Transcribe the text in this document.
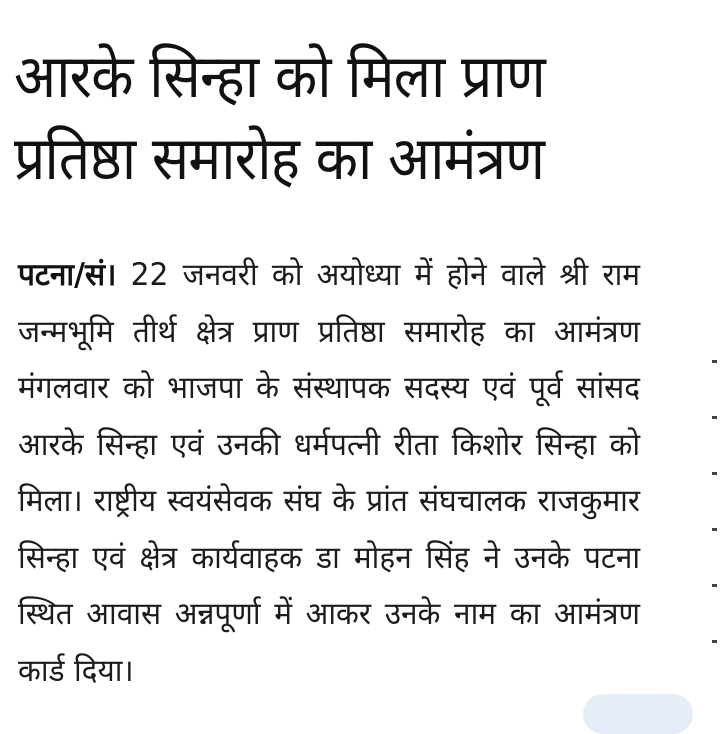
आरके सिन्हा को मिला प्राण प्रतिष्ठा समारोह का आमंत्रण

पटना/सं। 22 जनवरी को अयोध्या में होने वाले श्री राम जन्मभूमि तीर्थ क्षेत्र प्राण प्रतिष्ठा समारोह का आमंत्रण मंगलवार को भाजपा के संस्थापक सदस्य एवं पूर्व सांसद आरके सिन्हा एवं उनकी धर्मपत्नी रीता किशोर सिन्हा को मिला। राष्ट्रीय स्वयंसेवक संघ के प्रांत संघचालक राजकुमार सिन्हा एवं क्षेत्र कार्यवाहक डा मोहन सिंह ने उनके पटना स्थित आवास अन्नपूर्णा में आकर उनके नाम का आमंत्रण कार्ड दिया।
